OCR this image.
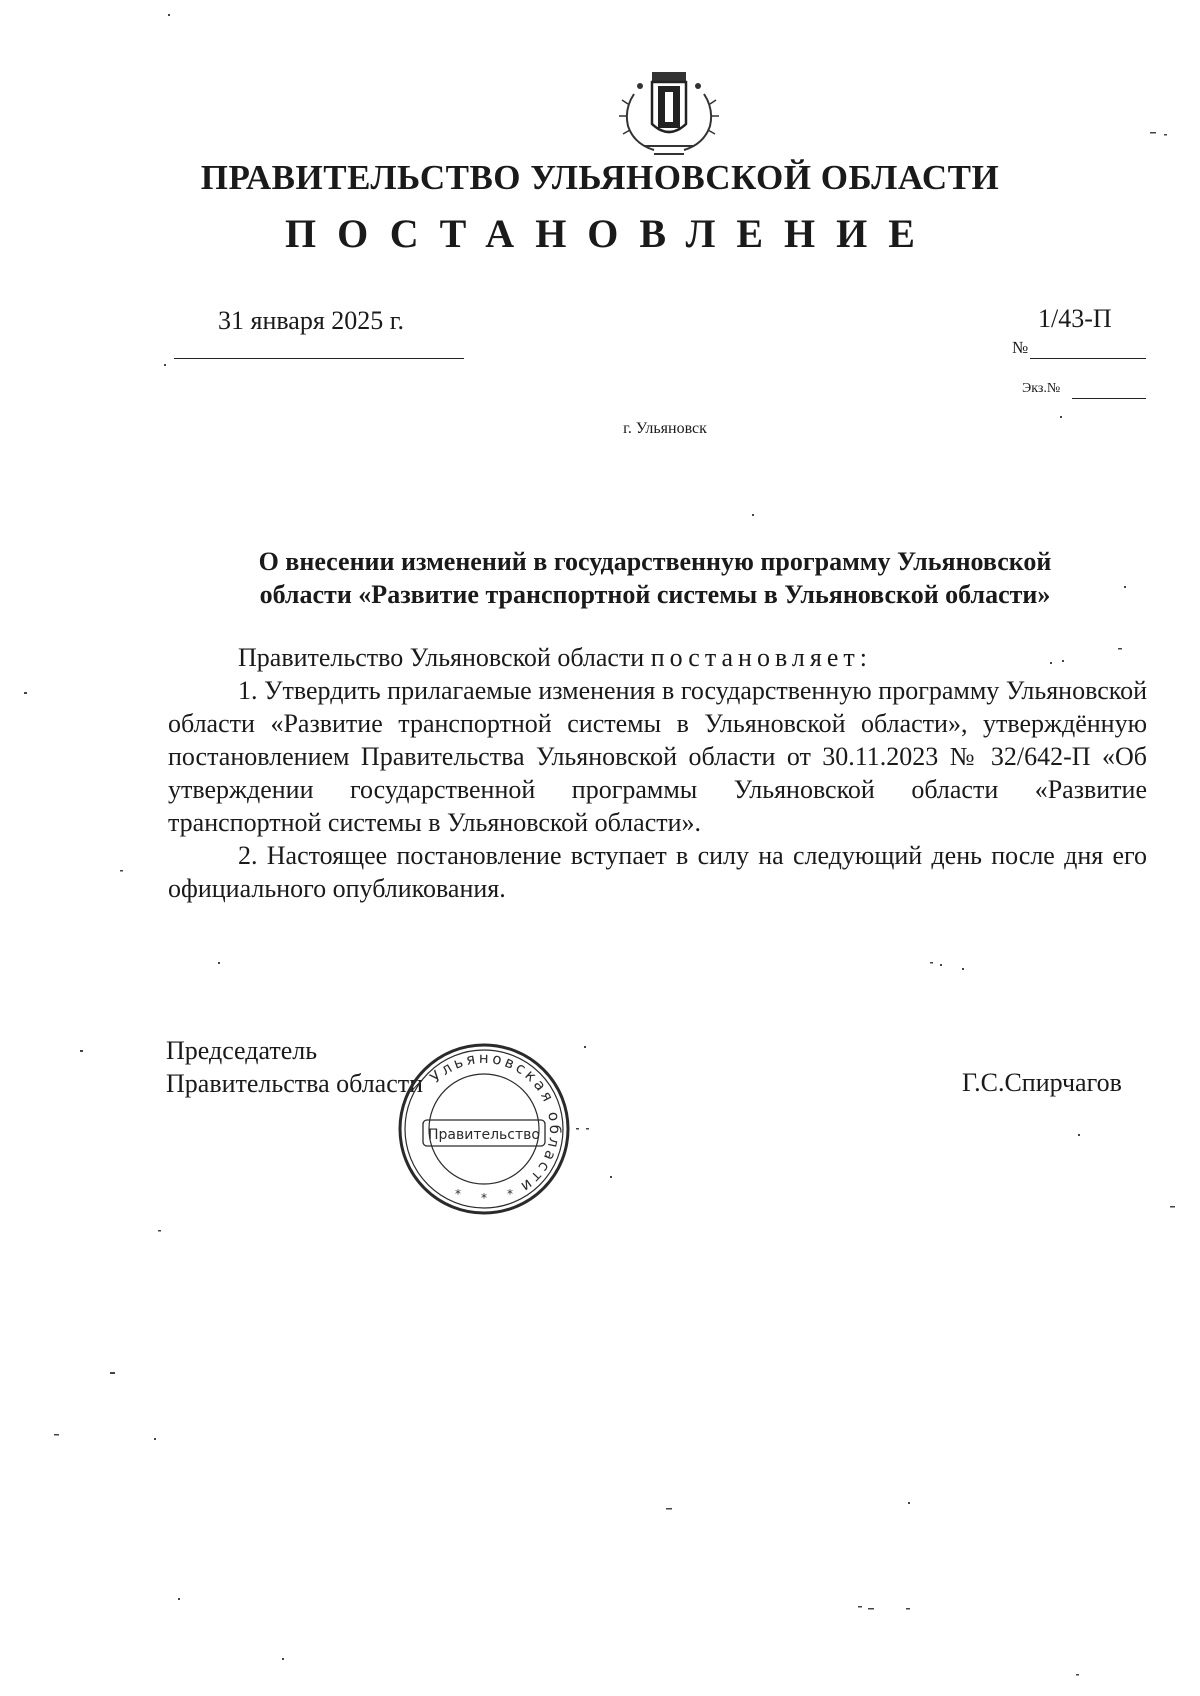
ПРАВИТЕЛЬСТВО УЛЬЯНОВСКОЙ ОБЛАСТИ
ПОСТАНОВЛЕНИЕ
31 января 2025 г.
№
1/43-П
Экз.№
г. Ульяновск
О внесении изменений в государственную программу Ульяновской
области «Развитие транспортной системы в Ульяновской области»

Правительство Ульяновской области постановляет:

1. Утвердить прилагаемые изменения в государственную программу Ульяновской области «Развитие транспортной системы в Ульяновской области», утверждённую постановлением Правительства Ульяновской области от 30.11.2023 № 32/642-П «Об утверждении государственной программы Ульяновской области «Развитие транспортной системы в Ульяновской области».

2. Настоящее постановление вступает в силу на следующий день после дня его официального опубликования.

Председатель
Правительства области	Г.С.Спирчагов
Ульяновская области
Правительство
* * *
